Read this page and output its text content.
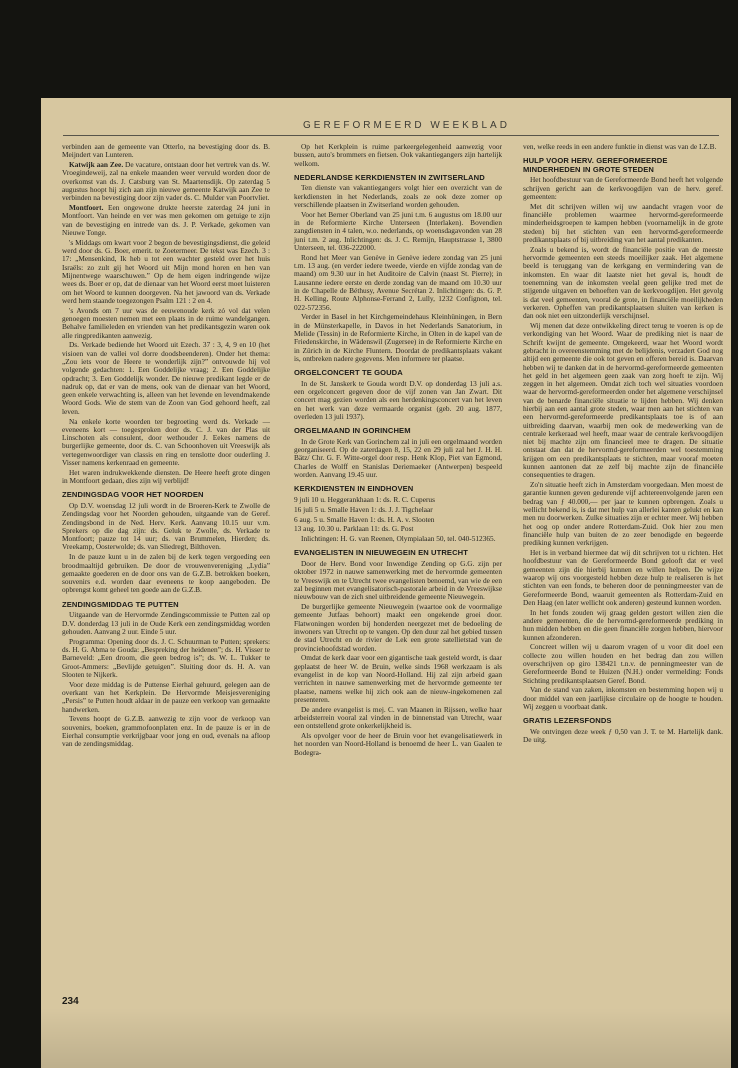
GEREFORMEERD WEEKBLAD

verbinden aan de gemeente van Otterlo, na bevestiging door ds. B. Meijndert van Lunteren.

Katwijk aan Zee. De vacature, ontstaan door het vertrek van ds. W. Vroegindeweij, zal na enkele maanden weer vervuld worden door de overkomst van ds. J. Catsburg van St. Maartensdijk. Op zaterdag 5 augustus hoopt hij zich aan zijn nieuwe gemeente Katwijk aan Zee te verbinden na bevestiging door zijn vader ds. C. Mulder van Poortvliet.

Montfoort. Een ongewone drukte heerste zaterdag 24 juni in Montfoort. Van heinde en ver was men gekomen om getuige te zijn van de bevestiging en intrede van ds. J. P. Verkade, gekomen van Nieuwe Tonge.

's Middags om kwart voor 2 begon de bevestigingsdienst, die geleid werd door ds. G. Boer, emerit. te Zoetermeer. De tekst was Ezech. 3 : 17: „Mensenkind, Ik heb u tot een wachter gesteld over het huis Israëls: zo zult gij het Woord uit Mijn mond horen en hen van Mijnentwege waarschuwen.” Op de hem eigen indringende wijze wees ds. Boer er op, dat de dienaar van het Woord eerst moet luisteren om het Woord te kunnen doorgeven. Na het jawoord van ds. Verkade werd hem staande toegezongen Psalm 121 : 2 en 4.

's Avonds om 7 uur was de eeuwenoude kerk zó vol dat velen genoegen moesten nemen met een plaats in de ruime wandelgangen. Behalve familieleden en vrienden van het predikantsgezin waren ook alle ringpredikanten aanwezig.

Ds. Verkade bediende het Woord uit Ezech. 37 : 3, 4, 9 en 10 (het visioen van de vallei vol dorre doodsbeenderen). Onder het thema: „Zou iets voor de Heere te wonderlijk zijn?” ontvouwde hij vol volgende gedachten: 1. Een Goddelijke vraag; 2. Een Goddelijke opdracht; 3. Een Goddelijk wonder. De nieuwe predikant legde er de nadruk op, dat er van de mens, ook van de dienaar van het Woord, geen enkele verwachting is, alleen van het levende en levendmakende Woord Gods. Wie de stem van de Zoon van God gehoord heeft, zal leven.

Na enkele korte woorden ter begroeting werd ds. Verkade — eveneens kort — toegesproken door ds. C. J. van der Plas uit Linschoten als consulent, door wethouder J. Eekes namens de burgerlijke gemeente, door ds. C. van Schoonhoven uit Vreeswijk als vertegenwoordiger van classis en ring en tenslotte door ouderling J. Visser namens kerkenraad en gemeente.

Het waren indrukwekkende diensten. De Heere heeft grote dingen in Montfoort gedaan, dies zijn wij verblijd!

ZENDINGSDAG VOOR HET NOORDEN

Op D.V. woensdag 12 juli wordt in de Broeren-Kerk te Zwolle de Zendingsdag voor het Noorden gehouden, uitgaande van de Geref. Zendingsbond in de Ned. Herv. Kerk. Aanvang 10.15 uur v.m. Sprekers op die dag zijn: ds. Geluk te Zwolle, ds. Verkade te Montfoort; pauze tot 14 uur; ds. van Brummelen, Hierden; ds. Vreekamp, Oosterwolde; ds. van Sliedregt, Bilthoven.

In de pauze kunt u in de zalen bij de kerk tegen vergoeding een broodmaaltijd gebruiken. De door de vrouwenvereniging „Lydia” gemaakte goederen en de door ons van de G.Z.B. betrokken boeken, souvenirs e.d. worden daar eveneens te koop aangeboden. De opbrengst komt geheel ten goede aan de G.Z.B.

ZENDINGSMIDDAG TE PUTTEN

Uitgaande van de Hervormde Zendingscommissie te Putten zal op D.V. donderdag 13 juli in de Oude Kerk een zendingsmiddag worden gehouden. Aanvang 2 uur. Einde 5 uur.

Programma: Opening door ds. J. C. Schuurman te Putten; sprekers: ds. H. G. Abma te Gouda: „Bespreking der heidenen”; ds. H. Visser te Barneveld: „Een droom, die geen bedrog is”; ds. W. L. Tukker te Groot-Ammers: „Bevlijde getuigen”. Sluiting door ds. H. A. van Slooten te Nijkerk.

Voor deze middag is de Puttense Eierhal gehuurd, gelegen aan de overkant van het Kerkplein. De Hervormde Meisjesvereniging „Persis” te Putten houdt aldaar in de pauze een verkoop van gemaakte handwerken.

Tevens hoopt de G.Z.B. aanwezig te zijn voor de verkoop van souvenirs, boeken, grammofoonplaten enz. In de pauze is er in de Eierhal consumptie verkrijgbaar voor jong en oud, evenals na afloop van de zendingsmiddag.

Op het Kerkplein is ruime parkeergelegenheid aanwezig voor bussen, auto's brommers en fietsen. Ook vakantiegangers zijn hartelijk welkom.

NEDERLANDSE KERKDIENSTEN IN ZWITSERLAND

Ten dienste van vakantiegangers volgt hier een overzicht van de kerkdiensten in het Nederlands, zoals ze ook deze zomer op verschillende plaatsen in Zwitserland worden gehouden.

Voor het Berner Oberland van 25 juni t.m. 6 augustus om 18.00 uur in de Reformierte Kirche Unterseen (Interlaken). Bovendien zangdiensten in 4 talen, w.o. nederlands, op woensdagavonden van 28 juni t.m. 2 aug. Inlichtingen: ds. J. C. Remijn, Hauptstrasse 1, 3800 Unterseen, tel. 036-222000.

Rond het Meer van Genève in Genève iedere zondag van 25 juni t.m. 13 aug. (en verder iedere tweede, vierde en vijfde zondag van de maand) om 9.30 uur in het Auditoire de Calvin (naast St. Pierre); in Lausanne iedere eerste en derde zondag van de maand om 10.30 uur in de Chapelle de Béthusy, Avenue Secrétan 2. Inlichtingen: ds. G. P. H. Kelling, Route Alphonse-Ferrand 2, Lully, 1232 Confignon, tel. 022-572356.

Verder in Basel in het Kirchgemeindehaus Kleinhüningen, in Bern in de Münsterkapelle, in Davos in het Nederlands Sanatorium, in Melide (Tessin) in de Reformierte Kirche, in Olten in de kapel van de Friedenskirche, in Wädenswil (Zugersee) in de Reformierte Kirche en in Zürich in de Kirche Fluntern. Doordat de predikantsplaats vakant is, ontbreken nadere gegevens. Men informere ter plaatse.

ORGELCONCERT TE GOUDA

In de St. Janskerk te Gouda wordt D.V. op donderdag 13 juli a.s. een orgelconcert gegeven door de vijf zonen van Jan Zwart. Dit concert mag gezien worden als een herdenkingsconcert van het leven en het werk van deze vermaarde organist (geb. 20 aug. 1877, overleden 13 juli 1937).

ORGELMAAND IN GORINCHEM

In de Grote Kerk van Gorinchem zal in juli een orgelmaand worden georganiseerd. Op de zaterdagen 8, 15, 22 en 29 juli zal het J. H. H. Bätz/ Chr. G. F. Witte-orgel door resp. Henk Klop, Piet van Egmond, Charles de Wolff en Stanislas Deriemaeker (Antwerpen) bespeeld worden. Aanvang 19.45 uur.

KERKDIENSTEN IN EINDHOVEN

9 juli 10 u. Heggerankhaan 1: ds. R. C. Cuperus

16 juli 5 u. Smalle Haven 1: ds. J. J. Tigchelaar

6 aug. 5 u. Smalle Haven 1: ds. H. A. v. Slooten

13 aug. 10.30 u. Parklaan 11: ds. G. Post

Inlichtingen: H. G. van Reenen, Olympialaan 50, tel. 040-512365.

EVANGELISTEN IN NIEUWEGEIN EN UTRECHT

Door de Herv. Bond voor Inwendige Zending op G.G. zijn per oktober 1972 in nauwe samenwerking met de hervormde gemeenten te Vreeswijk en te Utrecht twee evangelisten benoemd, van wie de een zal beginnen met evangelisatorisch-pastorale arbeid in de Vreeswijkse nieuwbouw van de zich snel uitbreidende gemeente Nieuwegein.

De burgerlijke gemeente Nieuwegein (waartoe ook de voormalige gemeente Jutfaas behoort) maakt een ongekende groei door. Flatwoningen worden bij honderden neergezet met de bedoeling de inwoners van Utrecht op te vangen. Op den duur zal het gebied tussen de stad Utrecht en de rivier de Lek een grote satellietstad van de provinciehoofdstad worden.

Omdat de kerk daar voor een gigantische taak gesteld wordt, is daar geplaatst de heer W. de Bruin, welke sinds 1968 werkzaam is als evangelist in de kop van Noord-Holland. Hij zal zijn arbeid gaan verrichten in nauwe samenwerking met de hervormde gemeente ter plaatse, namens welke hij zich ook aan de nieuw-ingekomenen zal presenteren.

De andere evangelist is mej. C. van Maanen in Rijssen, welke haar arbeidsterrein vooral zal vinden in de binnenstad van Utrecht, waar een ontstellend grote onkerkelijkheid is.

Als opvolger voor de heer de Bruin voor het evangelisatiewerk in het noorden van Noord-Holland is benoemd de heer L. van Gaalen te Bodegra-

ven, welke reeds in een andere funktie in dienst was van de I.Z.B.

HULP VOOR HERV. GEREFORMEERDE MINDERHEDEN IN GROTE STEDEN

Het hoofdbestuur van de Gereformeerde Bond heeft het volgende schrijven gericht aan de kerkvoogdijen van de herv. geref. gemeenten:

Met dit schrijven willen wij uw aandacht vragen voor de financiële problemen waarmee hervormd-gereformeerde minderheidsgroepen te kampen hebben (voornamelijk in de grote steden) bij het stichten van een hervormd-gereformeerde predikantsplaats of bij uitbreiding van het aantal predikanten.

Zoals u bekend is, wordt de financiële positie van de meeste hervormde gemeenten een steeds moeilijker zaak. Het algemene beeld is teruggang van de kerkgang en vermindering van de inkomsten. En waar dit laatste niet het geval is, houdt de toenemning van de inkomsten veelal geen gelijke tred met de stijgende uitgaven en behoeften van de kerkvoogdijen. Het gevolg is dat veel gemeenten, vooral de grote, in financiële moeilijkheden verkeren. Opheffen van predikantsplaatsen sluiten van kerken is dan ook niet een uitzonderlijk verschijnsel.

Wij menen dat deze ontwikkeling direct terug te voeren is op de verkondiging van het Woord. Waar de prediking niet is naar de Schrift kwijnt de gemeente. Omgekeerd, waar het Woord wordt gebracht in overeenstemming met de belijdenis, verzadert God nog altijd een gemeente die ook tot geven en offeren bereid is. Daarvan hebben wij te danken dat in de hervormd-gereformeerde gemeenten het geld in het algemeen geen zaak van zorg hoeft te zijn. Wij zeggen in het algemeen. Omdat zich toch wel situaties voordoen waar de hervormd-gereformeerden onder het algemene verschijnsel van de benarde financiële situatie te lijden hebben. Wij denken hierbij aan een aantal grote steden, waar men aan het stichten van een hervormd-gereformeerde predikantsplaats toe is of aan uitbreiding daarvan, waarbij men ook de medewerking van de centrale kerkeraad wel heeft, maar waar de centrale kerkvoogdijen niet bij machte zijn om financieel mee te dragen. De situatie ontstaat dan dat de hervormd-gereformeerden wel toestemming krijgen om een predikantsplaats te stichten, maar vooraf moeten kunnen aantonen dat ze zelf bij machte zijn de financiële consequenties te dragen.

Zo'n situatie heeft zich in Amsterdam voorgedaan. Men moest de garantie kunnen geven gedurende vijf achtereenvolgende jaren een bedrag van ƒ 40.000,— per jaar te kunnen opbrengen. Zoals u wellicht bekend is, is dat met hulp van allerlei kanten gelukt en kan men nu doorwerken. Zulke situaties zijn er echter meer. Wij hebben het oog op onder andere Rotterdam-Zuid. Ook hier zou men financiële hulp van buiten de zo zeer benodigde en begeerde prediking kunnen verkrijgen.

Het is in verband hiermee dat wij dit schrijven tot u richten. Het hoofdbestuur van de Gereformeerde Bond gelooft dat er veel gemeenten zijn die hierbij kunnen en willen helpen. De wijze waarop wij ons voorgesteld hebben deze hulp te realiseren is het stichten van een fonds, te beheren door de penningmeester van de Gereformeerde Bond, waaruit gemeenten als Rotterdam-Zuid en Den Haag (en later wellicht ook anderen) gesteund kunnen worden.

In het fonds zouden wij graag gelden gestort willen zien die andere gemeenten, die de hervormd-gereformeerde prediking in hun midden hebben en die geen financiële zorgen hebben, hiervoor kunnen afzonderen.

Concreet willen wij u daarom vragen of u voor dit doel een collecte zou willen houden en het bedrag dan zou willen overschrijven op giro 138421 t.n.v. de penningmeester van de Gereformeerde Bond te Huizen (N.H.) onder vermelding: Fonds Stichting predikantsplaatsen Geref. Bond.

Van de stand van zaken, inkomsten en bestemming hopen wij u door middel van een jaarlijkse circulaire op de hoogte te houden. Wij zeggen u voorbaat dank.

GRATIS LEZERSFONDS

We ontvingen deze week ƒ 0,50 van J. T. te M. Hartelijk dank. De uitg.

234
